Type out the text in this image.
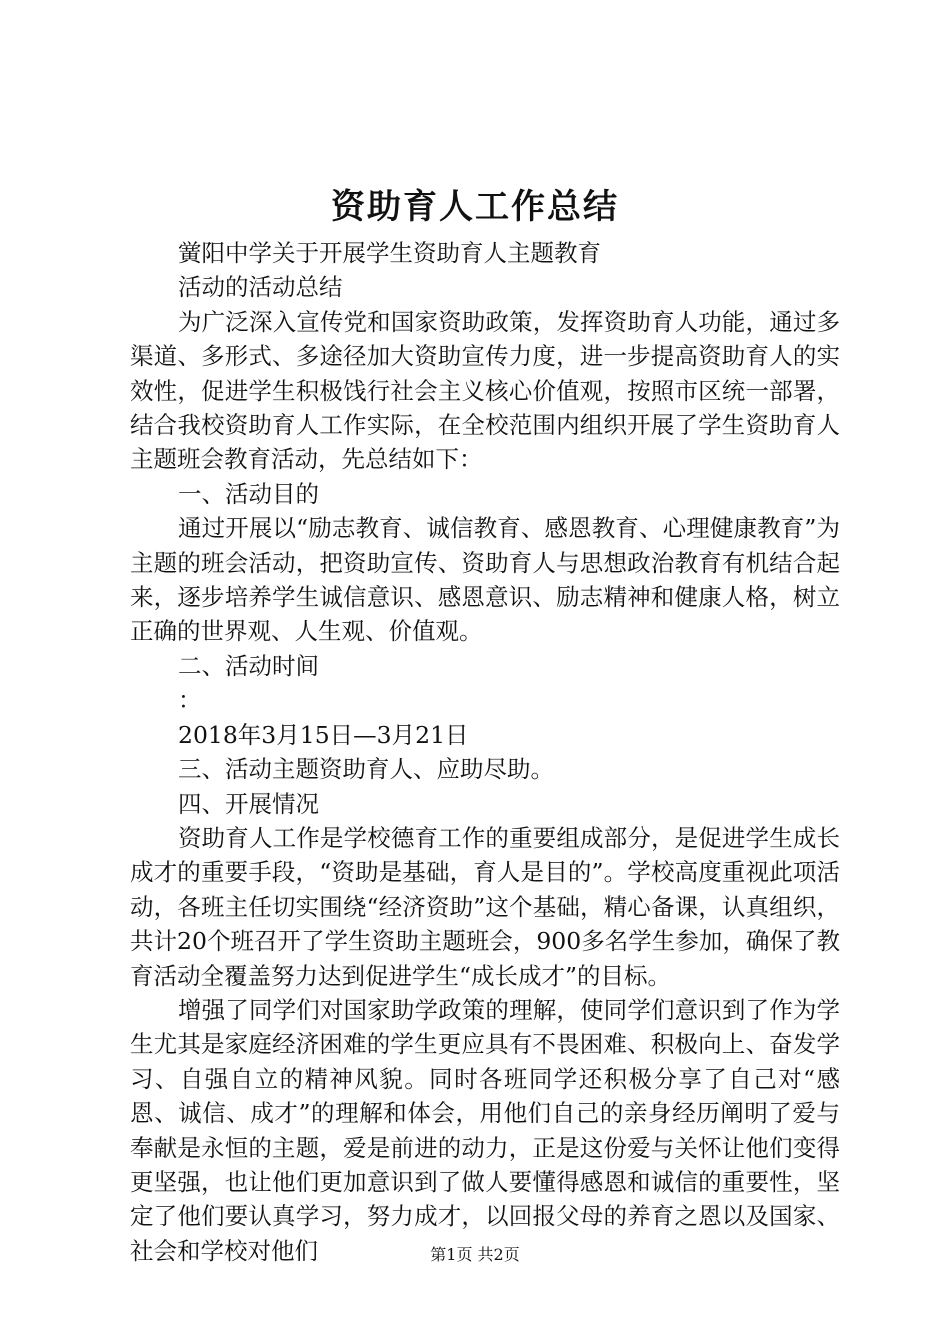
资助育人工作总结

黉阳中学关于开展学生资助育人主题教育

活动的活动总结

为广泛深入宣传党和国家资助政策，发挥资助育人功能，通过多渠道、多形式、多途径加大资助宣传力度，进一步提高资助育人的实效性，促进学生积极饯行社会主义核心价值观，按照市区统一部署，结合我校资助育人工作实际，在全校范围内组织开展了学生资助育人主题班会教育活动，先总结如下：

一、活动目的

通过开展以“励志教育、诚信教育、感恩教育、心理健康教育”为主题的班会活动，把资助宣传、资助育人与思想政治教育有机结合起来，逐步培养学生诚信意识、感恩意识、励志精神和健康人格，树立正确的世界观、人生观、价值观。

二、活动时间

：

2018年3月15日—3月21日

三、活动主题资助育人、应助尽助。

四、开展情况

资助育人工作是学校德育工作的重要组成部分，是促进学生成长成才的重要手段，“资助是基础，育人是目的”。学校高度重视此项活动，各班主任切实围绕“经济资助”这个基础，精心备课，认真组织，共计20个班召开了学生资助主题班会，900多名学生参加，确保了教育活动全覆盖努力达到促进学生“成长成才”的目标。

增强了同学们对国家助学政策的理解，使同学们意识到了作为学生尤其是家庭经济困难的学生更应具有不畏困难、积极向上、奋发学习、自强自立的精神风貌。同时各班同学还积极分享了自己对“感恩、诚信、成才”的理解和体会，用他们自己的亲身经历阐明了爱与奉献是永恒的主题，爱是前进的动力，正是这份爱与关怀让他们变得更坚强，也让他们更加意识到了做人要懂得感恩和诚信的重要性，坚定了他们要认真学习，努力成才，以回报父母的养育之恩以及国家、社会和学校对他们	第1页 共2页
